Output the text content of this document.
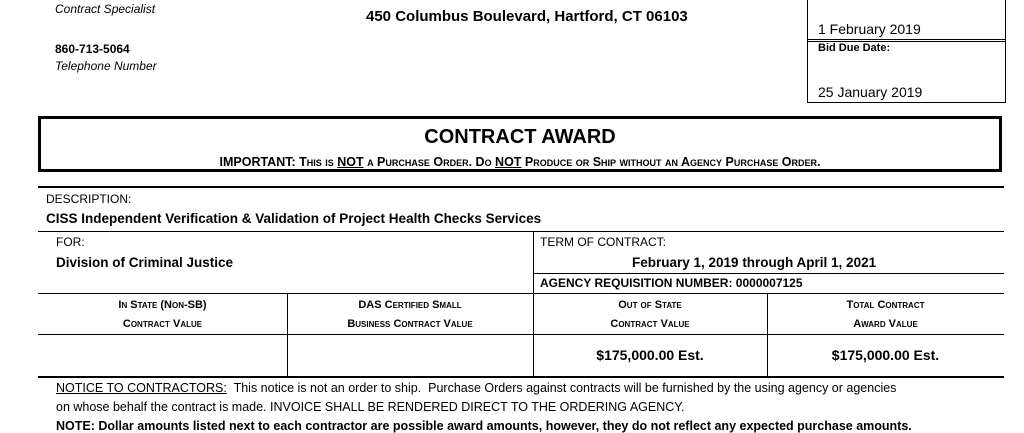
Contract Specialist
860-713-5064
Telephone Number
450 Columbus Boulevard, Hartford, CT 06103
1 February 2019
Bid Due Date:
25 January 2019
CONTRACT AWARD
IMPORTANT: This is NOT a Purchase Order. Do NOT Produce or Ship without an Agency Purchase Order.
DESCRIPTION:
CISS Independent Verification & Validation of Project Health Checks Services
FOR:
Division of Criminal Justice
TERM OF CONTRACT:
February 1, 2019 through April 1, 2021
AGENCY REQUISITION NUMBER: 0000007125
In State (Non-SB)
Contract Value
DAS Certified Small
Business Contract Value
Out of State
Contract Value
Total Contract
Award Value
$175,000.00 Est.	$175,000.00 Est.
NOTICE TO CONTRACTORS:  This notice is not an order to ship.  Purchase Orders against contracts will be furnished by the using agency or agencies
on whose behalf the contract is made. INVOICE SHALL BE RENDERED DIRECT TO THE ORDERING AGENCY.
NOTE: Dollar amounts listed next to each contractor are possible award amounts, however, they do not reflect any expected purchase amounts.
